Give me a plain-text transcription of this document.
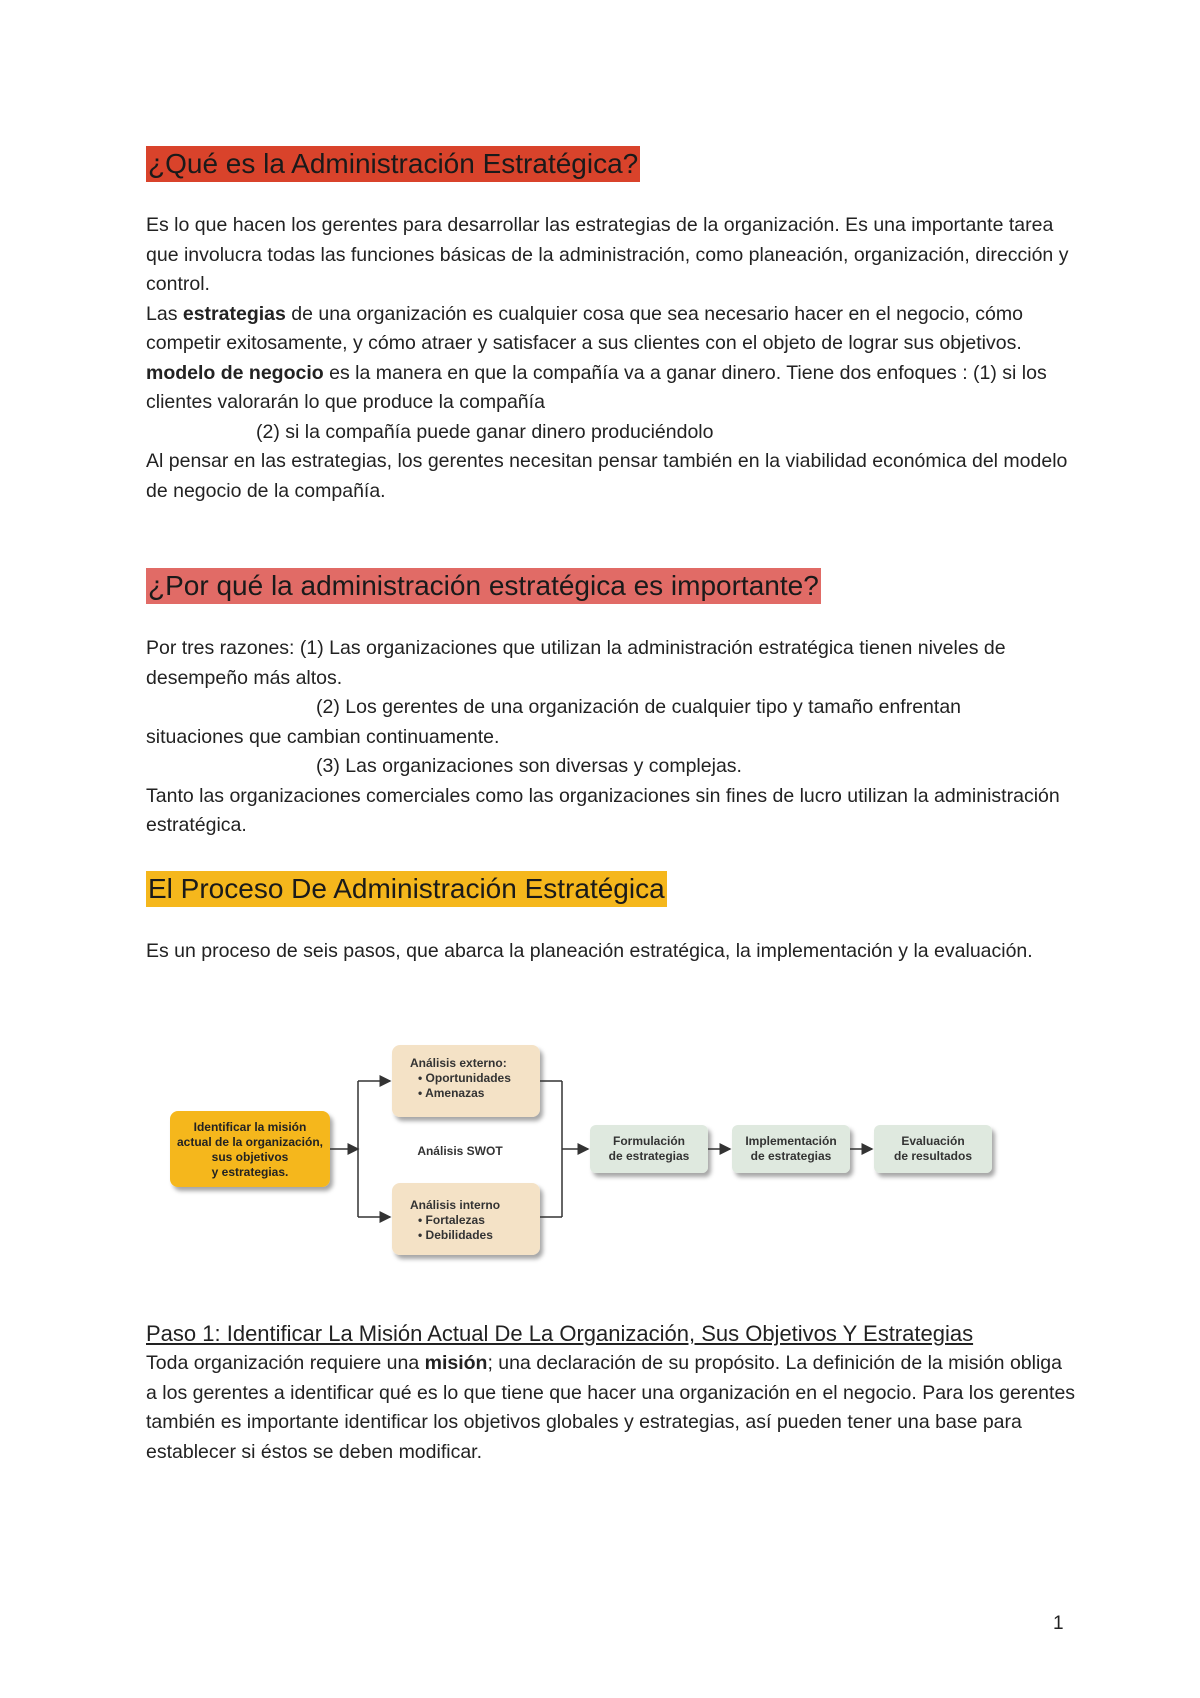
¿Qué es la Administración Estratégica?

Es lo que hacen los gerentes para desarrollar las estrategias de la organización. Es una importante tarea que involucra todas las funciones básicas de la administración, como planeación, organización, dirección y control.

Las estrategias de una organización es cualquier cosa que sea necesario hacer en el negocio, cómo competir exitosamente, y cómo atraer y satisfacer a sus clientes con el objeto de lograr sus objetivos.

modelo de negocio es la manera en que la compañía va a ganar dinero. Tiene dos enfoques : (1) si los clientes valorarán lo que produce la compañía

(2) si la compañía puede ganar dinero produciéndolo

Al pensar en las estrategias, los gerentes necesitan pensar también en la viabilidad económica del modelo de negocio de la compañía.

¿Por qué la administración estratégica es importante?

Por tres razones: (1) Las organizaciones que utilizan la administración estratégica tienen niveles de desempeño más altos.

(2) Los gerentes de una organización de cualquier tipo y tamaño enfrentan

situaciones que cambian continuamente.

(3) Las organizaciones son diversas y complejas.

Tanto las organizaciones comerciales como las organizaciones sin fines de lucro utilizan la administración estratégica.

El Proceso De Administración Estratégica

Es un proceso de seis pasos, que abarca la planeación estratégica, la implementación y la evaluación.

Identificar la misión
actual de la organización,
sus objetivos
y estrategias.
Análisis externo:
• Oportunidades
• Amenazas
Análisis SWOT
Análisis interno
• Fortalezas
• Debilidades
Formulación
de estrategias
Implementación
de estrategias
Evaluación
de resultados

Paso 1: Identificar La Misión Actual De La Organización, Sus Objetivos Y Estrategias

Toda organización requiere una misión; una declaración de su propósito. La definición de la misión obliga a los gerentes a identificar qué es lo que tiene que hacer una organización en el negocio. Para los gerentes también es importante identificar los objetivos globales y estrategias, así pueden tener una base para establecer si éstos se deben modificar.

1
